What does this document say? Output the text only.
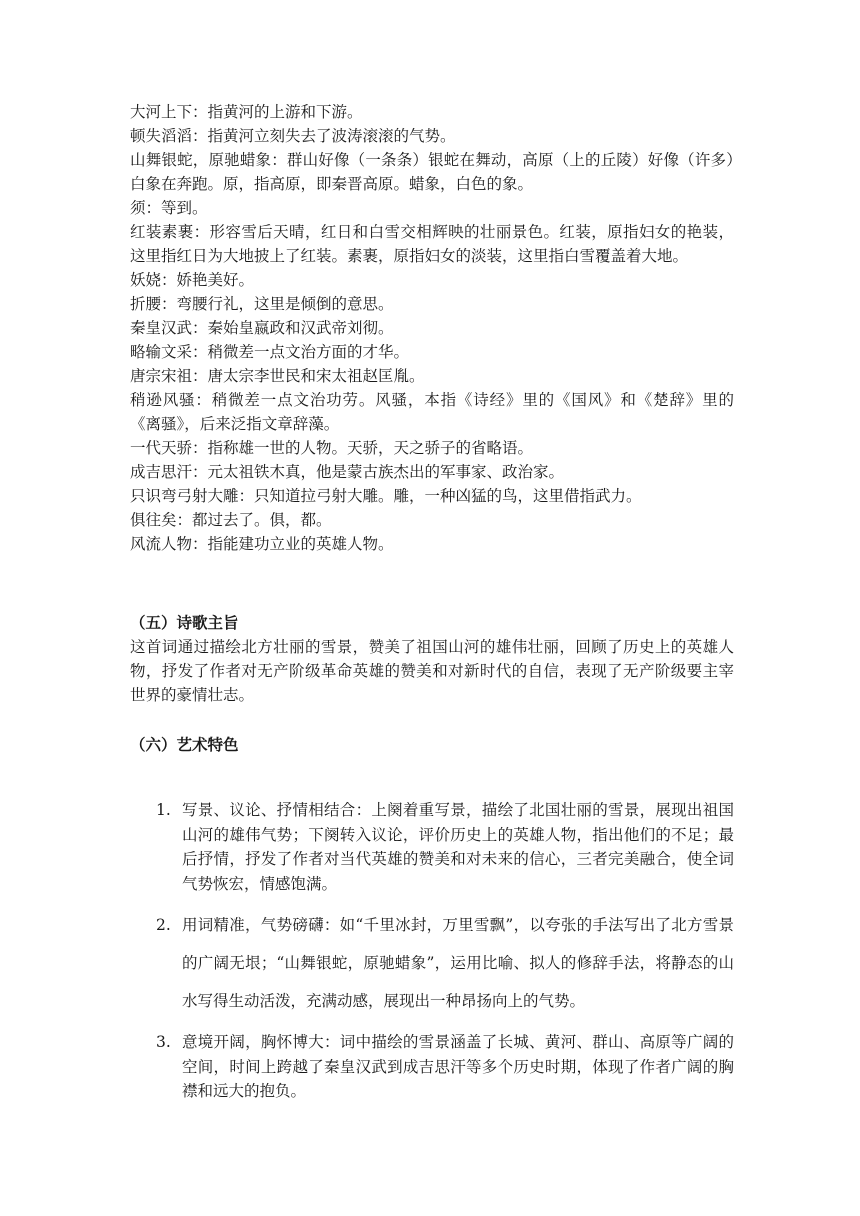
大河上下：指黄河的上游和下游。

顿失滔滔：指黄河立刻失去了波涛滚滚的气势。

山舞银蛇，原驰蜡象：群山好像（一条条）银蛇在舞动，高原（上的丘陵）好像（许多）白象在奔跑。原，指高原，即秦晋高原。蜡象，白色的象。

须：等到。

红装素裹：形容雪后天晴，红日和白雪交相辉映的壮丽景色。红装，原指妇女的艳装，这里指红日为大地披上了红装。素裹，原指妇女的淡装，这里指白雪覆盖着大地。

妖娆：娇艳美好。

折腰：弯腰行礼，这里是倾倒的意思。

秦皇汉武：秦始皇嬴政和汉武帝刘彻。

略输文采：稍微差一点文治方面的才华。

唐宗宋祖：唐太宗李世民和宋太祖赵匡胤。

稍逊风骚：稍微差一点文治功劳。风骚，本指《诗经》里的《国风》和《楚辞》里的《离骚》，后来泛指文章辞藻。

一代天骄：指称雄一世的人物。天骄，天之骄子的省略语。

成吉思汗：元太祖铁木真，他是蒙古族杰出的军事家、政治家。

只识弯弓射大雕：只知道拉弓射大雕。雕，一种凶猛的鸟，这里借指武力。

俱往矣：都过去了。俱，都。

风流人物：指能建功立业的英雄人物。

（五）诗歌主旨

这首词通过描绘北方壮丽的雪景，赞美了祖国山河的雄伟壮丽，回顾了历史上的英雄人物，抒发了作者对无产阶级革命英雄的赞美和对新时代的自信，表现了无产阶级要主宰世界的豪情壮志。

（六）艺术特色
1. 写景、议论、抒情相结合：上阕着重写景，描绘了北国壮丽的雪景，展现出祖国山河的雄伟气势；下阕转入议论，评价历史上的英雄人物，指出他们的不足；最后抒情，抒发了作者对当代英雄的赞美和对未来的信心，三者完美融合，使全词气势恢宏，情感饱满。

2. 用词精准，气势磅礴：如“千里冰封，万里雪飘”，以夸张的手法写出了北方雪景的广阔无垠；“山舞银蛇，原驰蜡象”，运用比喻、拟人的修辞手法，将静态的山水写得生动活泼，充满动感，展现出一种昂扬向上的气势。

3. 意境开阔，胸怀博大：词中描绘的雪景涵盖了长城、黄河、群山、高原等广阔的空间，时间上跨越了秦皇汉武到成吉思汗等多个历史时期，体现了作者广阔的胸襟和远大的抱负。
